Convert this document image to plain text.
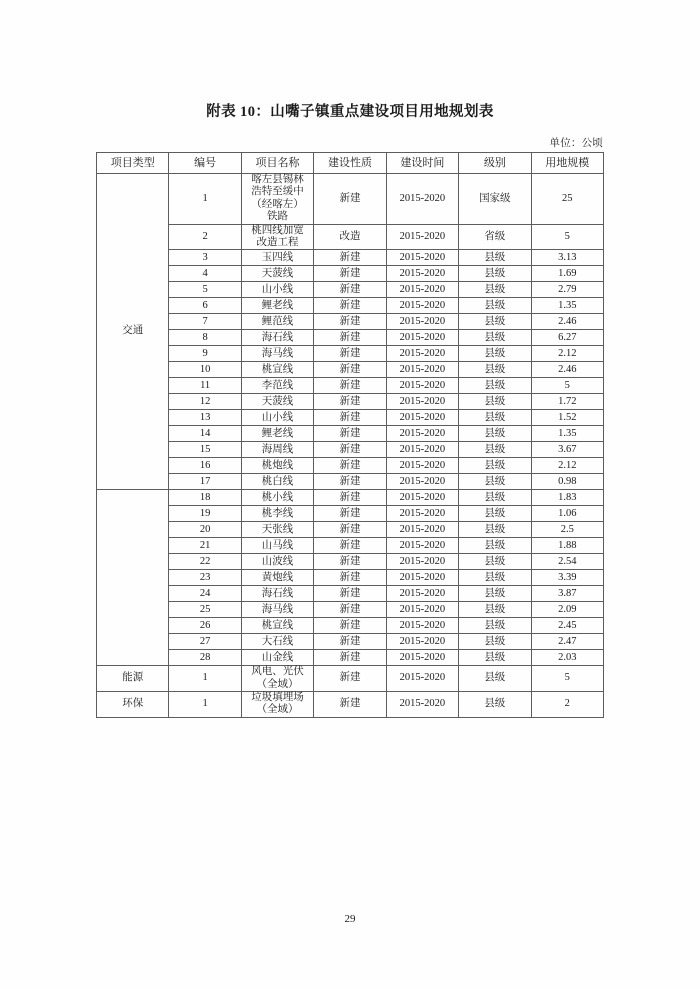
附表 10：山嘴子镇重点建设项目用地规划表
单位：公顷
项目类型	编号	项目名称	建设性质	建设时间	级别	用地规模
交通	1	喀左县锡林
浩特至缓中
（经喀左）
铁路	新建	2015-2020	国家级	25
	2	桃四线加宽
改造工程	改造	2015-2020	省级	5
	3	玉四线	新建	2015-2020	县级	3.13
	4	天菠线	新建	2015-2020	县级	1.69
	5	山小线	新建	2015-2020	县级	2.79
	6	鲤老线	新建	2015-2020	县级	1.35
	7	鲤范线	新建	2015-2020	县级	2.46
	8	海石线	新建	2015-2020	县级	6.27
	9	海马线	新建	2015-2020	县级	2.12
	10	桃宣线	新建	2015-2020	县级	2.46
	11	李范线	新建	2015-2020	县级	5
	12	天菠线	新建	2015-2020	县级	1.72
	13	山小线	新建	2015-2020	县级	1.52
	14	鲤老线	新建	2015-2020	县级	1.35
	15	海周线	新建	2015-2020	县级	3.67
	16	桃炮线	新建	2015-2020	县级	2.12
	17	桃白线	新建	2015-2020	县级	0.98
	18	桃小线	新建	2015-2020	县级	1.83
	19	桃李线	新建	2015-2020	县级	1.06
	20	天张线	新建	2015-2020	县级	2.5
	21	山马线	新建	2015-2020	县级	1.88
	22	山波线	新建	2015-2020	县级	2.54
	23	黄炮线	新建	2015-2020	县级	3.39
	24	海石线	新建	2015-2020	县级	3.87
	25	海马线	新建	2015-2020	县级	2.09
	26	桃宣线	新建	2015-2020	县级	2.45
	27	大石线	新建	2015-2020	县级	2.47
	28	山金线	新建	2015-2020	县级	2.03
能源	1	风电、光伏
（全域）	新建	2015-2020	县级	5
环保	1	垃圾填埋场
（全域）	新建	2015-2020	县级	2
29
